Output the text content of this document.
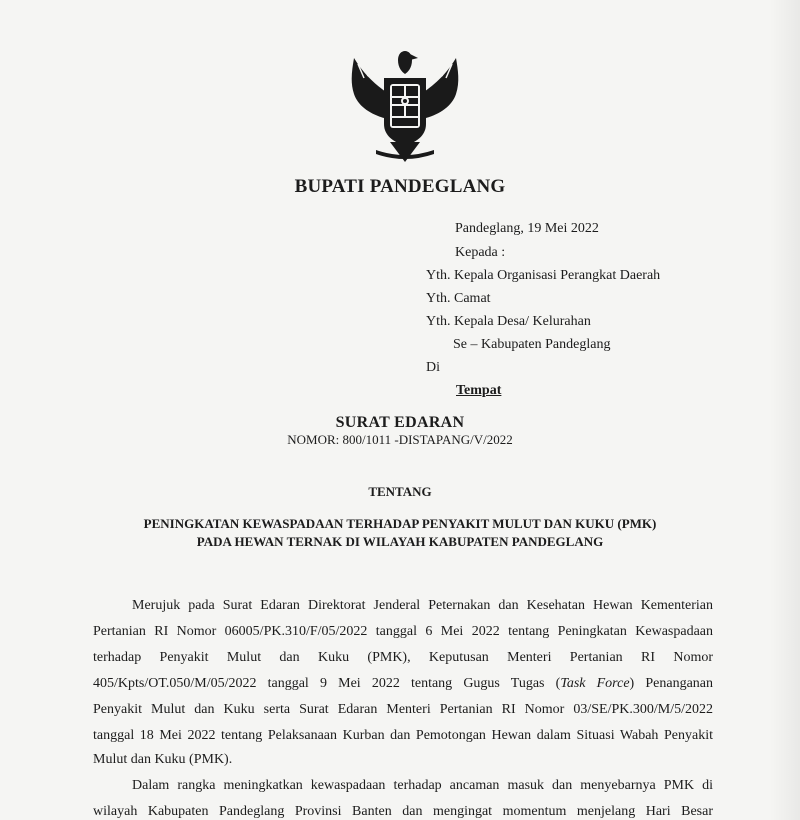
BUPATI PANDEGLANG
Pandeglang, 19 Mei 2022
Kepada :
Yth. Kepala Organisasi Perangkat Daerah
Yth. Camat
Yth. Kepala Desa/ Kelurahan
Se – Kabupaten Pandeglang
Di
Tempat
SURAT EDARAN
NOMOR: 800/1011 -DISTAPANG/V/2022
TENTANG
PENINGKATAN KEWASPADAAN TERHADAP PENYAKIT MULUT DAN KUKU (PMK)
PADA HEWAN TERNAK DI WILAYAH KABUPATEN PANDEGLANG
Merujuk pada Surat Edaran Direktorat Jenderal Peternakan dan Kesehatan Hewan Kementerian
Pertanian RI Nomor 06005/PK.310/F/05/2022 tanggal 6 Mei 2022 tentang Peningkatan Kewaspadaan
terhadap Penyakit Mulut dan Kuku (PMK), Keputusan Menteri Pertanian RI Nomor
405/Kpts/OT.050/M/05/2022 tanggal 9 Mei 2022 tentang Gugus Tugas (Task Force) Penanganan
Penyakit Mulut dan Kuku serta Surat Edaran Menteri Pertanian RI Nomor 03/SE/PK.300/M/5/2022
tanggal 18 Mei 2022 tentang Pelaksanaan Kurban dan Pemotongan Hewan dalam Situasi Wabah Penyakit
Mulut dan Kuku (PMK).
Dalam rangka meningkatkan kewaspadaan terhadap ancaman masuk dan menyebarnya PMK di
wilayah Kabupaten Pandeglang Provinsi Banten dan mengingat momentum menjelang Hari Besar
